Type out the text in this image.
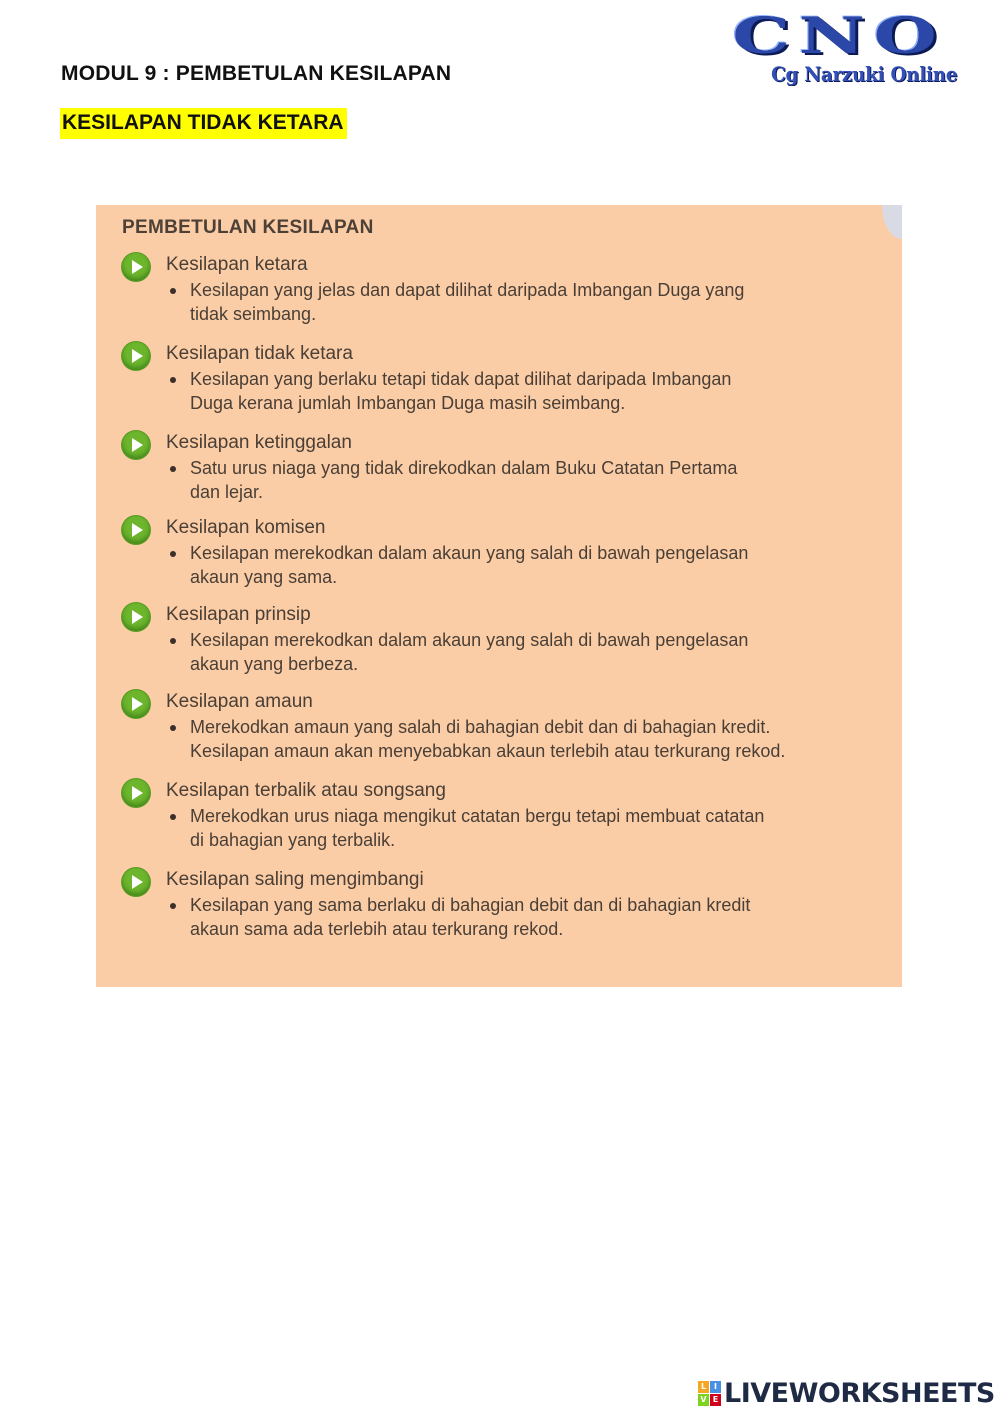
MODUL 9 : PEMBETULAN KESILAPAN
KESILAPAN TIDAK KETARA
CNO
Cg Narzuki Online
PEMBETULAN KESILAPAN
Kesilapan ketara
Kesilapan yang jelas dan dapat dilihat daripada Imbangan Duga yang
tidak seimbang.
Kesilapan tidak ketara
Kesilapan yang berlaku tetapi tidak dapat dilihat daripada Imbangan
Duga kerana jumlah Imbangan Duga masih seimbang.
Kesilapan ketinggalan
Satu urus niaga yang tidak direkodkan dalam Buku Catatan Pertama
dan lejar.
Kesilapan komisen
Kesilapan merekodkan dalam akaun yang salah di bawah pengelasan
akaun yang sama.
Kesilapan prinsip
Kesilapan merekodkan dalam akaun yang salah di bawah pengelasan
akaun yang berbeza.
Kesilapan amaun
Merekodkan amaun yang salah di bahagian debit dan di bahagian kredit.
Kesilapan amaun akan menyebabkan akaun terlebih atau terkurang rekod.
Kesilapan terbalik atau songsang
Merekodkan urus niaga mengikut catatan bergu tetapi membuat catatan
di bahagian yang terbalik.
Kesilapan saling mengimbangi
Kesilapan yang sama berlaku di bahagian debit dan di bahagian kredit
akaun sama ada terlebih atau terkurang rekod.
L I
V E LIVEWORKSHEETS
